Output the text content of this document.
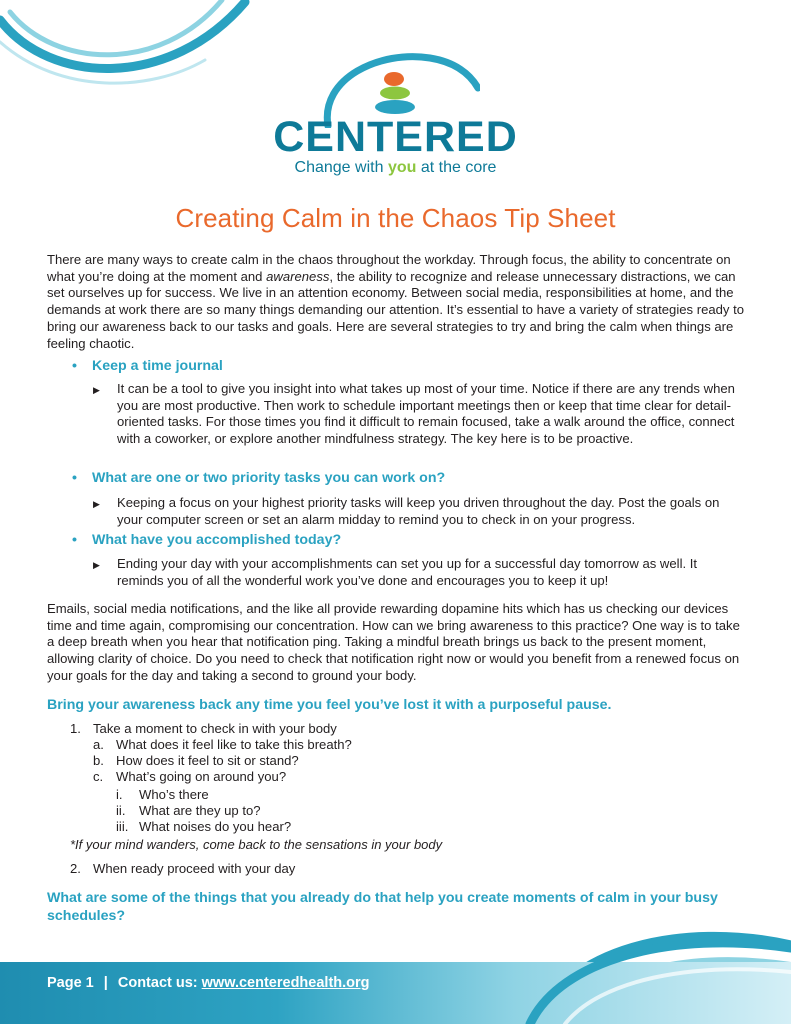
CENTERED
Change with you at the core
Creating Calm in the Chaos Tip Sheet

There are many ways to create calm in the chaos throughout the workday. Through focus, the ability to concentrate on what you’re doing at the moment and awareness, the ability to recognize and release unnecessary distractions, we can set ourselves up for success. We live in an attention economy. Between social media, responsibilities at home, and the demands at work there are so many things demanding our attention. It’s essential to have a variety of strategies ready to bring our awareness back to our tasks and goals. Here are several strategies to try and bring the calm when things are feeling chaotic.

• Keep a time journal
▶	It can be a tool to give you insight into what takes up most of your time. Notice if there are any trends when you are most productive. Then work to schedule important meetings then or keep that time clear for detail-oriented tasks. For those times you find it difficult to remain focused, take a walk around the office, connect with a coworker, or explore another mindfulness strategy. The key here is to be proactive.
• What are one or two priority tasks you can work on?
▶	Keeping a focus on your highest priority tasks will keep you driven throughout the day. Post the goals on your computer screen or set an alarm midday to remind you to check in on your progress.
• What have you accomplished today?
▶	Ending your day with your accomplishments can set you up for a successful day tomorrow as well. It reminds you of all the wonderful work you’ve done and encourages you to keep it up!

Emails, social media notifications, and the like all provide rewarding dopamine hits which has us checking our devices time and time again, compromising our concentration. How can we bring awareness to this practice? One way is to take a deep breath when you hear that notification ping. Taking a mindful breath brings us back to the present moment, allowing clarity of choice. Do you need to check that notification right now or would you benefit from a renewed focus on your goals for the day and taking a second to ground your body.

Bring your awareness back any time you feel you’ve lost it with a purposeful pause.
1. Take a moment to check in with your body
a. What does it feel like to take this breath?
b. How does it feel to sit or stand?
c. What’s going on around you?
i. Who’s there
ii. What are they up to?
iii. What noises do you hear?
*If your mind wanders, come back to the sensations in your body
2. When ready proceed with your day
What are some of the things that you already do that help you create moments of calm in your busy schedules?
Page 1 | Contact us: www.centeredhealth.org
